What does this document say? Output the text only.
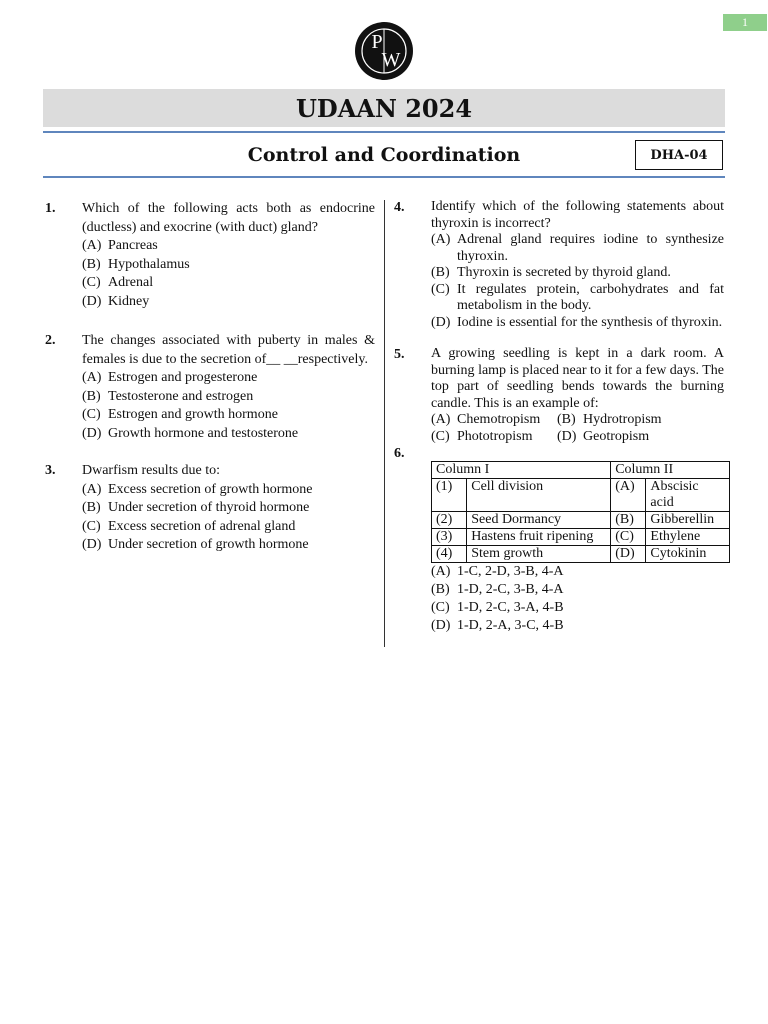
1
P
W
UDAAN 2024
Control and Coordination	DHA-04
1. Which of the following acts both as endocrine (ductless) and exocrine (with duct) gland?
(A) Pancreas
(B) Hypothalamus
(C) Adrenal
(D) Kidney
2. The changes associated with puberty in males & females is due to the secretion of__ __respectively.
(A) Estrogen and progesterone
(B) Testosterone and estrogen
(C) Estrogen and growth hormone
(D) Growth hormone and testosterone
3. Dwarfism results due to:
(A) Excess secretion of growth hormone
(B) Under secretion of thyroid hormone
(C) Excess secretion of adrenal gland
(D) Under secretion of growth hormone
4. Identify which of the following statements about thyroxin is incorrect?
(A) Adrenal gland requires iodine to synthesize thyroxin.
(B) Thyroxin is secreted by thyroid gland.
(C) It regulates protein, carbohydrates and fat metabolism in the body.
(D) Iodine is essential for the synthesis of thyroxin.
5. A growing seedling is kept in a dark room. A burning lamp is placed near to it for a few days. The top part of seedling bends towards the burning candle. This is an example of:
(A) Chemotropism (B) Hydrotropism
(C) Phototropism (D) Geotropism
6.
Column I		Column II	
(1)	Cell division	(A)	Abscisic acid
(2)	Seed Dormancy	(B)	Gibberellin
(3)	Hastens fruit ripening	(C)	Ethylene
(4)	Stem growth	(D)	Cytokinin
(A) 1-C, 2-D, 3-B, 4-A
(B) 1-D, 2-C, 3-B, 4-A
(C) 1-D, 2-C, 3-A, 4-B
(D) 1-D, 2-A, 3-C, 4-B
